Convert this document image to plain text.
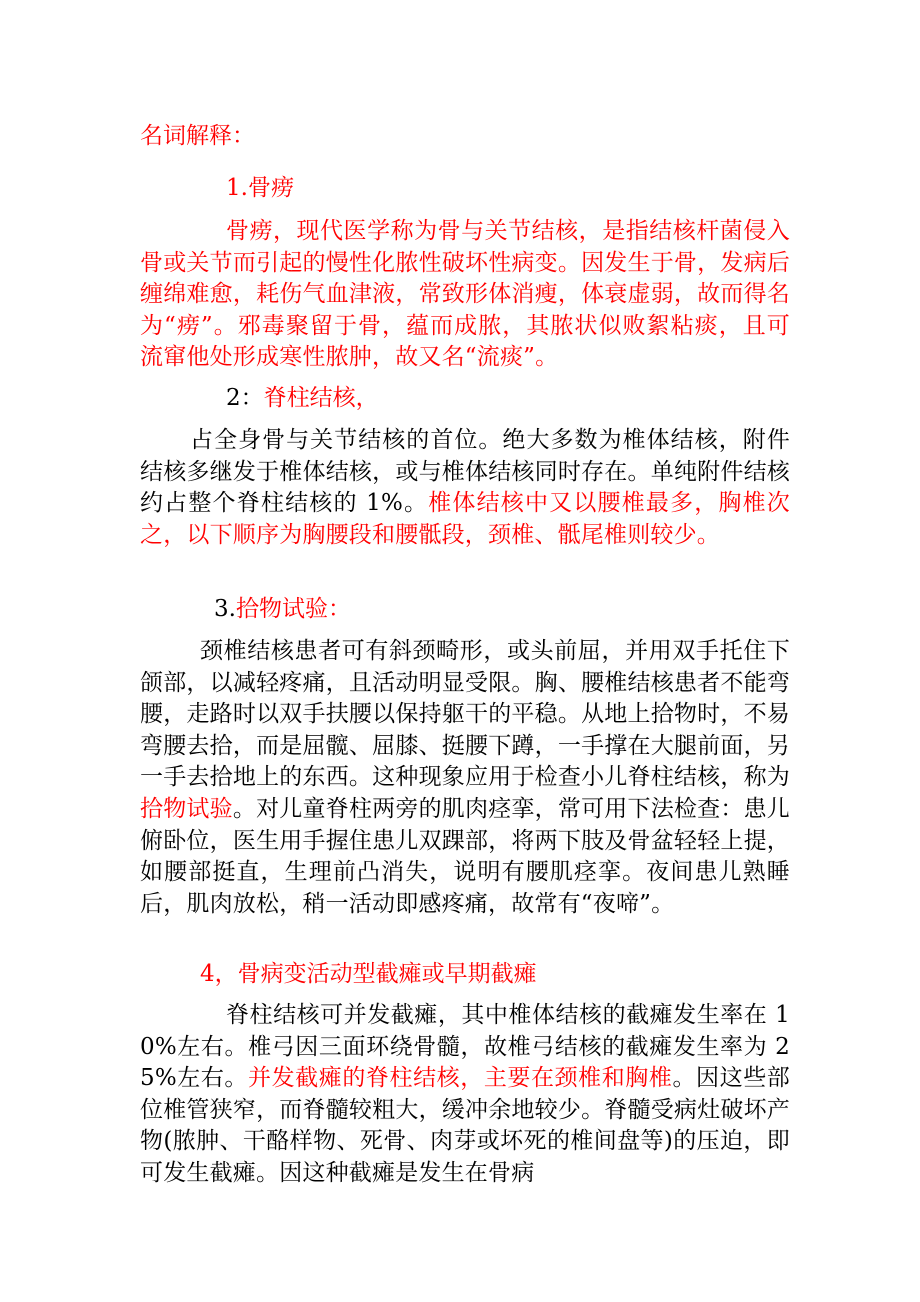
名词解释：
1.骨痨
骨痨，现代医学称为骨与关节结核，是指结核杆菌侵入骨或关节而引起的慢性化脓性破坏性病变。因发生于骨，发病后缠绵难愈，耗伤气血津液，常致形体消瘦，体衰虚弱，故而得名为“痨”。邪毒聚留于骨，蕴而成脓，其脓状似败絮粘痰，且可流窜他处形成寒性脓肿，故又名“流痰”。
2：脊柱结核，
占全身骨与关节结核的首位。绝大多数为椎体结核，附件结核多继发于椎体结核，或与椎体结核同时存在。单纯附件结核约占整个脊柱结核的 1%。椎体结核中又以腰椎最多，胸椎次之，以下顺序为胸腰段和腰骶段，颈椎、骶尾椎则较少。
3.拾物试验：
颈椎结核患者可有斜颈畸形，或头前屈，并用双手托住下颌部，以减轻疼痛，且活动明显受限。胸、腰椎结核患者不能弯腰，走路时以双手扶腰以保持躯干的平稳。从地上拾物时，不易弯腰去拾，而是屈髋、屈膝、挺腰下蹲，一手撑在大腿前面，另一手去拾地上的东西。这种现象应用于检查小儿脊柱结核，称为拾物试验。对儿童脊柱两旁的肌肉痉挛，常可用下法检查：患儿俯卧位，医生用手握住患儿双踝部，将两下肢及骨盆轻轻上提，如腰部挺直，生理前凸消失，说明有腰肌痉挛。夜间患儿熟睡后，肌肉放松，稍一活动即感疼痛，故常有“夜啼”。
4，骨病变活动型截瘫或早期截瘫
脊柱结核可并发截瘫，其中椎体结核的截瘫发生率在 10%左右。椎弓因三面环绕骨髓，故椎弓结核的截瘫发生率为 25%左右。并发截瘫的脊柱结核，主要在颈椎和胸椎。因这些部位椎管狭窄，而脊髓较粗大，缓冲余地较少。脊髓受病灶破坏产物(脓肿、干酪样物、死骨、肉芽或坏死的椎间盘等)的压迫，即可发生截瘫。因这种截瘫是发生在骨病
